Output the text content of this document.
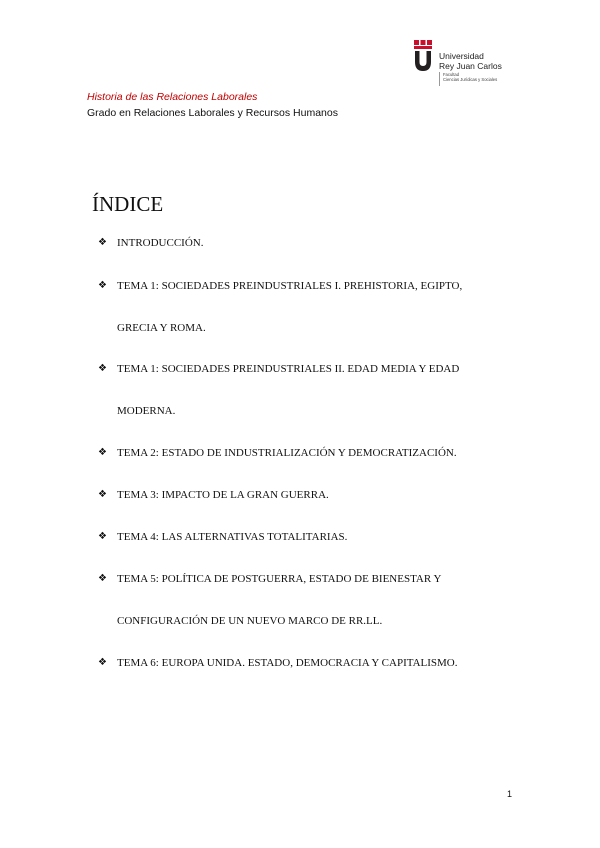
Universidad
Rey Juan Carlos
Facultad
Ciencias Jurídicas y Sociales
Historia de las Relaciones Laborales
Grado en Relaciones Laborales y Recursos Humanos
ÍNDICE
❖ INTRODUCCIÓN.
❖ TEMA 1: SOCIEDADES PREINDUSTRIALES I. PREHISTORIA, EGIPTO,
GRECIA Y ROMA.
❖ TEMA 1: SOCIEDADES PREINDUSTRIALES II. EDAD MEDIA Y EDAD
MODERNA.
❖ TEMA 2: ESTADO DE INDUSTRIALIZACIÓN Y DEMOCRATIZACIÓN.
❖ TEMA 3: IMPACTO DE LA GRAN GUERRA.
❖ TEMA 4: LAS ALTERNATIVAS TOTALITARIAS.
❖ TEMA 5: POLÍTICA DE POSTGUERRA, ESTADO DE BIENESTAR Y
CONFIGURACIÓN DE UN NUEVO MARCO DE RR.LL.
❖ TEMA 6: EUROPA UNIDA. ESTADO, DEMOCRACIA Y CAPITALISMO.
1
